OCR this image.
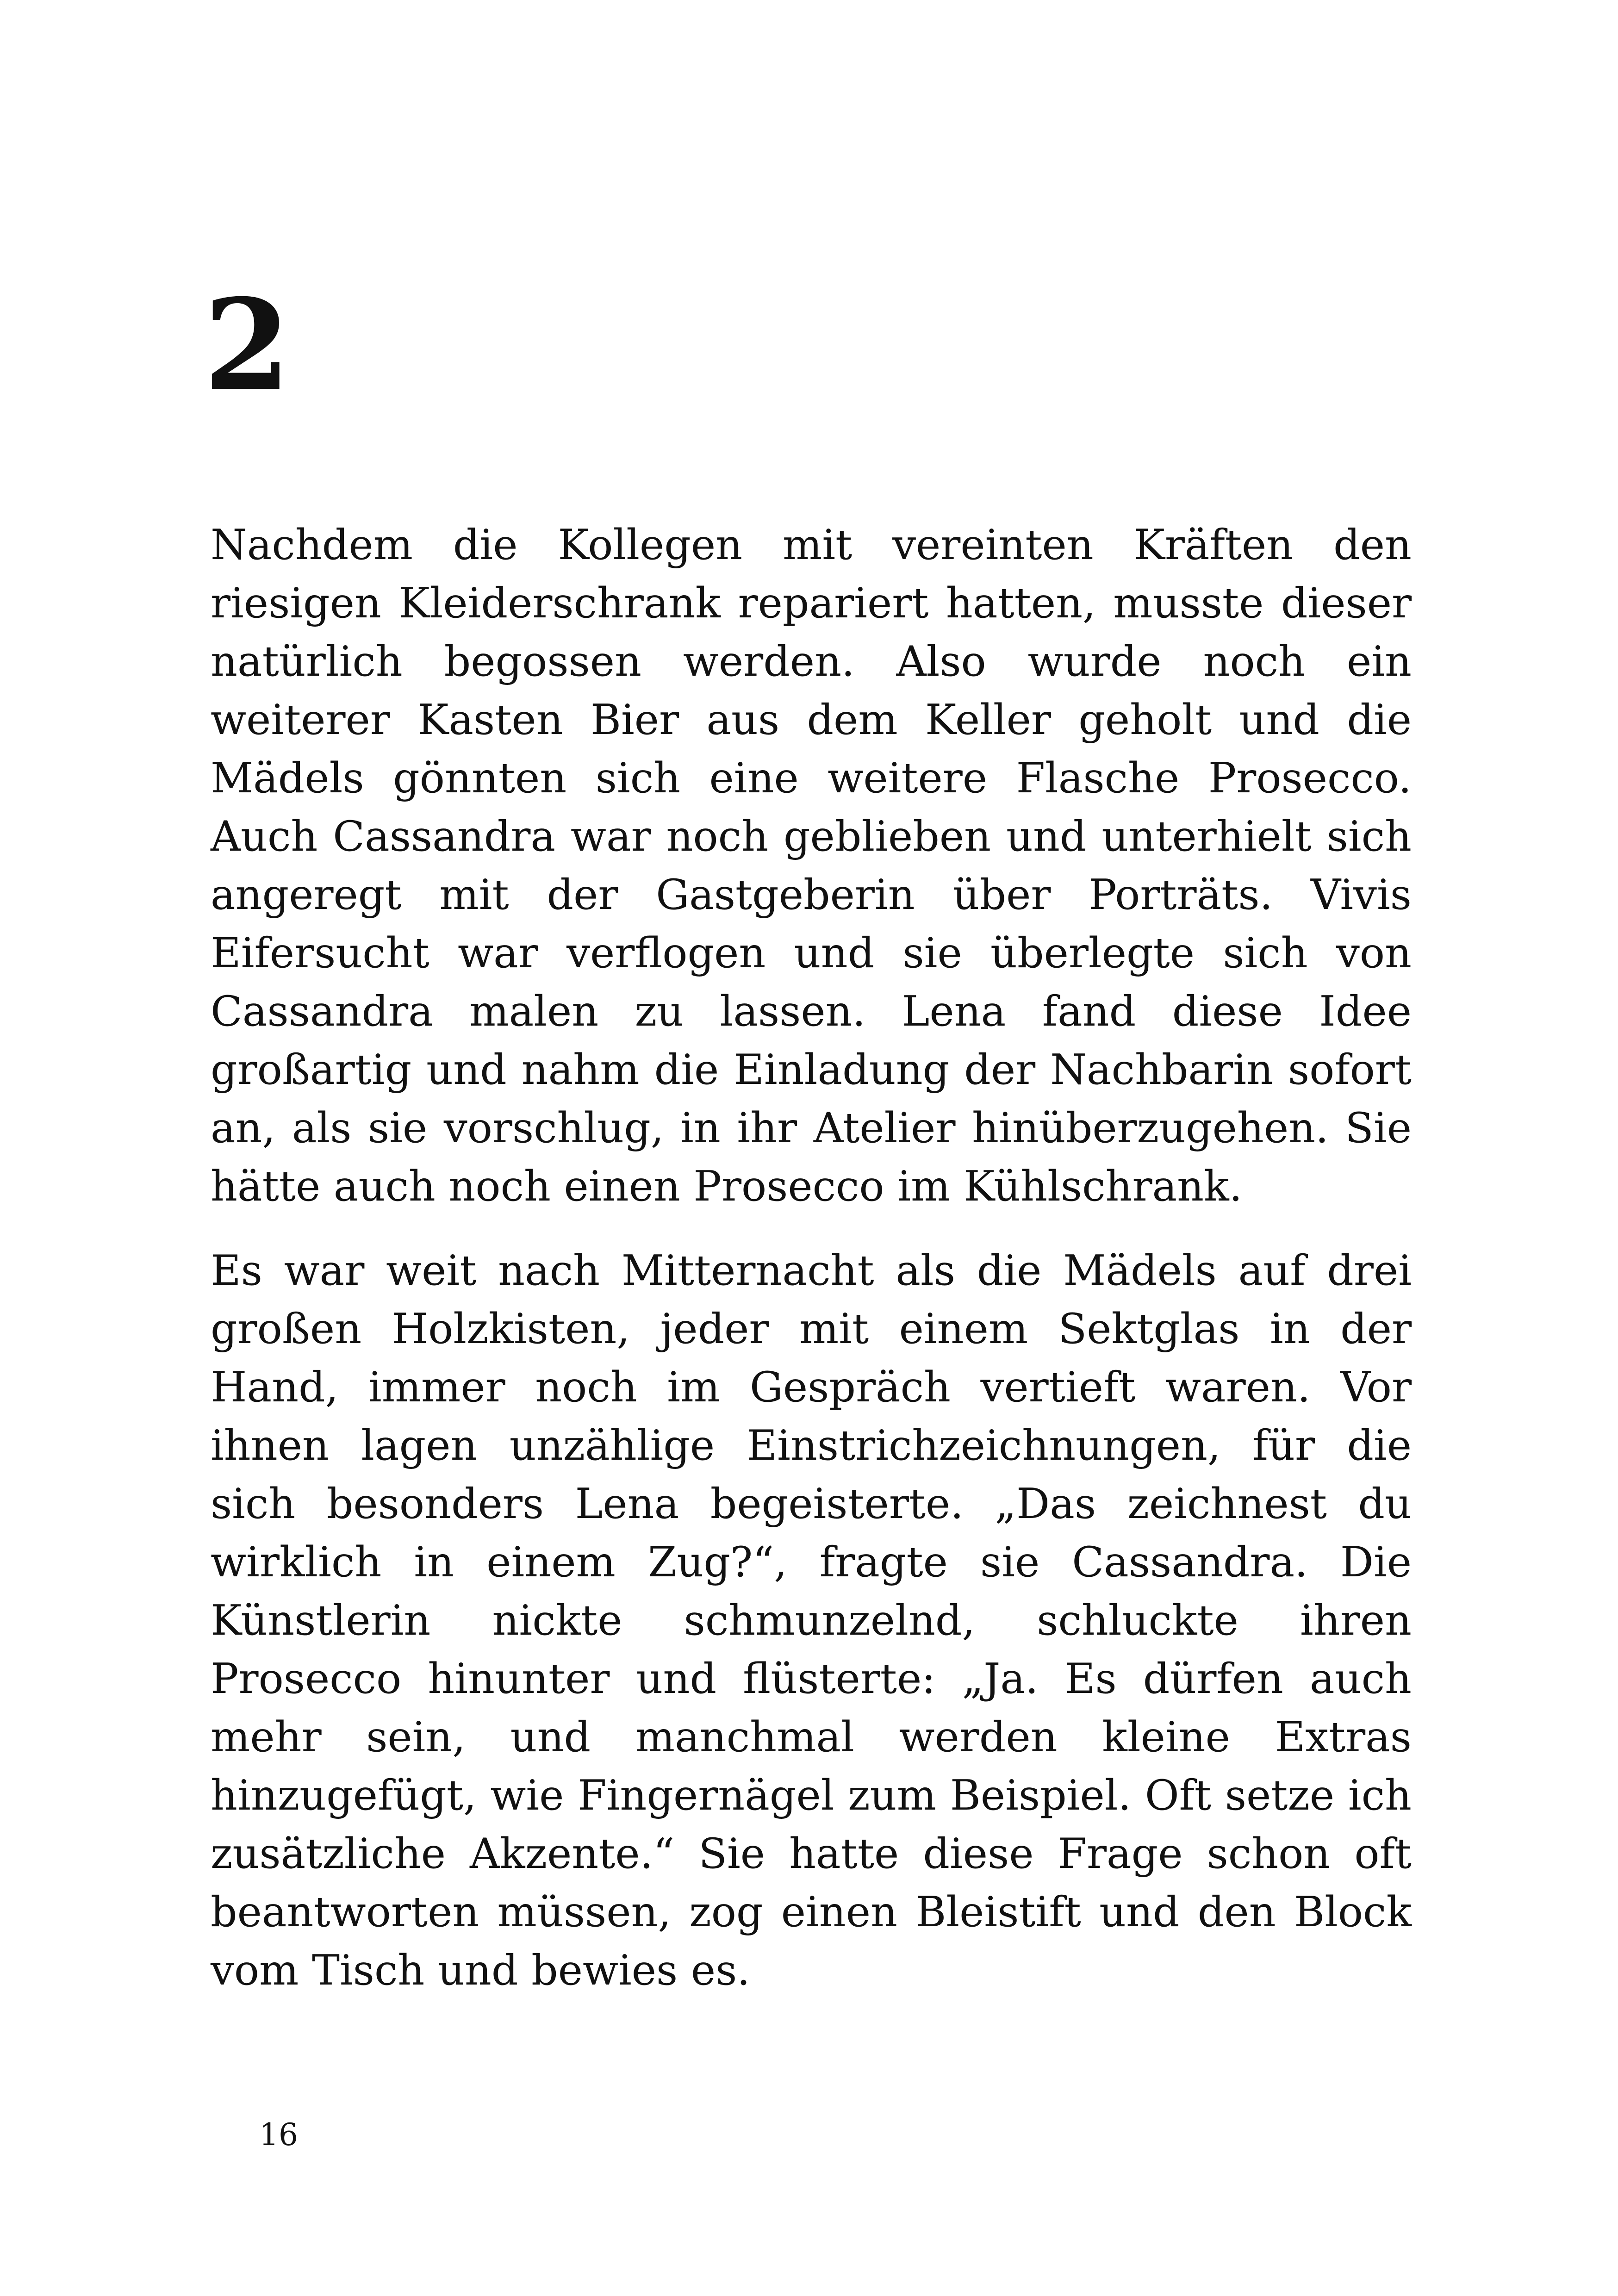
2

Nachdem die Kollegen mit vereinten Kräften den riesigen Kleiderschrank repariert hatten, musste dieser natürlich begossen werden. Also wurde noch ein weiterer Kasten Bier aus dem Keller geholt und die Mädels gönnten sich eine weitere Flasche Prosecco. Auch Cassandra war noch geblieben und unterhielt sich angeregt mit der Gastgeberin über Porträts. Vivis Eifersucht war verflogen und sie überlegte sich von Cassandra malen zu lassen. Lena fand diese Idee großartig und nahm die Einladung der Nachbarin sofort an, als sie vorschlug, in ihr Atelier hinüberzugehen. Sie hätte auch noch einen Prosecco im Kühlschrank.

Es war weit nach Mitternacht als die Mädels auf drei großen Holzkisten, jeder mit einem Sektglas in der Hand, immer noch im Gespräch vertieft waren. Vor ihnen lagen unzählige Einstrichzeichnungen, für die sich besonders Lena begeisterte. „Das zeichnest du wirklich in einem Zug?“, fragte sie Cassandra. Die Künstlerin nickte schmunzelnd, schluckte ihren Prosecco hinunter und flüsterte: „Ja. Es dürfen auch mehr sein, und manchmal werden kleine Extras hinzugefügt, wie Fingernägel zum Beispiel. Oft setze ich zusätzliche Akzente.“ Sie hatte diese Frage schon oft beantworten müssen, zog einen Bleistift und den Block vom Tisch und bewies es.

16
